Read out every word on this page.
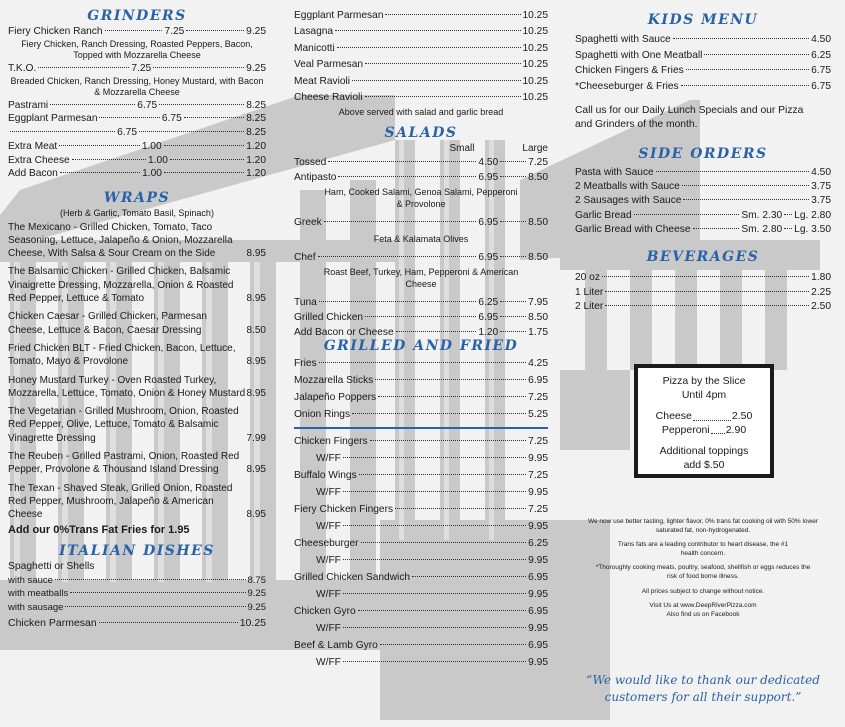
GRINDERS
Fiery Chicken Ranch	7.25	9.25
Fiery Chicken, Ranch Dressing, Roasted Peppers, Bacon, Topped with Mozzarella Cheese
T.K.O.	7.25	9.25
Breaded Chicken, Ranch Dressing, Honey Mustard, with Bacon & Mozzarella Cheese
Pastrami	6.75	8.25
Eggplant Parmesan	6.75	8.25
6.75	8.25
Extra Meat	1.00	1.20
Extra Cheese	1.00	1.20
Add Bacon	1.00	1.20
WRAPS
(Herb & Garlic, Tomato Basil, Spinach)
The Mexicano - Grilled Chicken, Tomato, Taco Seasoning, Lettuce, Jalapeño & Onion, Mozzarella Cheese, With Salsa & Sour Cream on the Side	8.95
The Balsamic Chicken - Grilled Chicken, Balsamic Vinaigrette Dressing, Mozzarella, Onion & Roasted Red Pepper, Lettuce & Tomato	8.95
Chicken Caesar - Grilled Chicken, Parmesan Cheese, Lettuce & Bacon, Caesar Dressing	8.50
Fried Chicken BLT - Fried Chicken, Bacon, Lettuce, Tomato, Mayo & Provolone	8.95
Honey Mustard Turkey - Oven Roasted Turkey, Mozzarella, Lettuce, Tomato, Onion & Honey Mustard 8.95
The Vegetarian - Grilled Mushroom, Onion, Roasted Red Pepper, Olive, Lettuce, Tomato & Balsamic Vinagrette Dressing	7.99
The Reuben - Grilled Pastrami, Onion, Roasted Red Pepper, Provolone & Thousand Island Dressing	8.95
The Texan - Shaved Steak, Grilled Onion, Roasted Red Pepper, Mushroom, Jalapeño & American Cheese	8.95
Add our 0%Trans Fat Fries for 1.95
ITALIAN DISHES
Spaghetti or Shells
with sauce	8.75
with meatballs	9.25
with sausage	9.25
Chicken Parmesan	10.25
Eggplant Parmesan	10.25
Lasagna	10.25
Manicotti	10.25
Veal Parmesan	10.25
Meat Ravioli	10.25
Cheese Ravioli	10.25
Above served with salad and garlic bread
SALADS
Small	Large
Tossed	4.50	7.25
Antipasto	6.95	8.50
Ham, Cooked Salami, Genoa Salami, Pepperoni & Provolone
Greek	6.95	8.50
Feta & Kalamata Olives
Chef	6.95	8.50
Roast Beef, Turkey, Ham, Pepperoni & American Cheese
Tuna	6.25	7.95
Grilled Chicken	6.95	8.50
Add Bacon or Cheese	1.20	1.75
GRILLED AND FRIED
Fries	4.25
Mozzarella Sticks	6.95
Jalapeño Poppers	7.25
Onion Rings	5.25
Chicken Fingers	7.25
W/FF	9.95
Buffalo Wings	7.25
W/FF	9.95
Fiery Chicken Fingers	7.25
W/FF	9.95
Cheeseburger	6.25
W/FF	9.95
Grilled Chicken Sandwich	6.95
W/FF	9.95
Chicken Gyro	6.95
W/FF	9.95
Beef & Lamb Gyro	6.95
W/FF	9.95
KIDS MENU
Spaghetti with Sauce	4.50
Spaghetti with One Meatball	6.25
Chicken Fingers & Fries	6.75
*Cheeseburger & Fries	6.75
Call us for our Daily Lunch Specials and our Pizza and Grinders of the month.
SIDE ORDERS
Pasta with Sauce	4.50
2 Meatballs with Sauce	3.75
2 Sausages with Sauce	3.75
Garlic Bread	Sm. 2.30 Lg. 2.80
Garlic Bread with Cheese	Sm. 2.80 Lg. 3.50
BEVERAGES
20 oz	1.80
1 Liter	2.25
2 Liter	2.50
We now use better tasting, lighter flavor, 0% trans fat cooking oil with 50% lower saturated fat, non-hydrogenated.
Trans fats are a leading contributor to heart disease, the #1 health concern.
*Thoroughly cooking meats, poultry, seafood, shellfish or eggs reduces the risk of food borne illness.
All prices subject to change without notice.
Visit Us at www.DeepRiverPizza.com
Also find us on Facebook
“We would like to thank our dedicated
customers for all their support.”
Pizza by the Slice
Until 4pm
Cheese	2.50
Pepperoni 2.90
Additional toppings
add $.50
